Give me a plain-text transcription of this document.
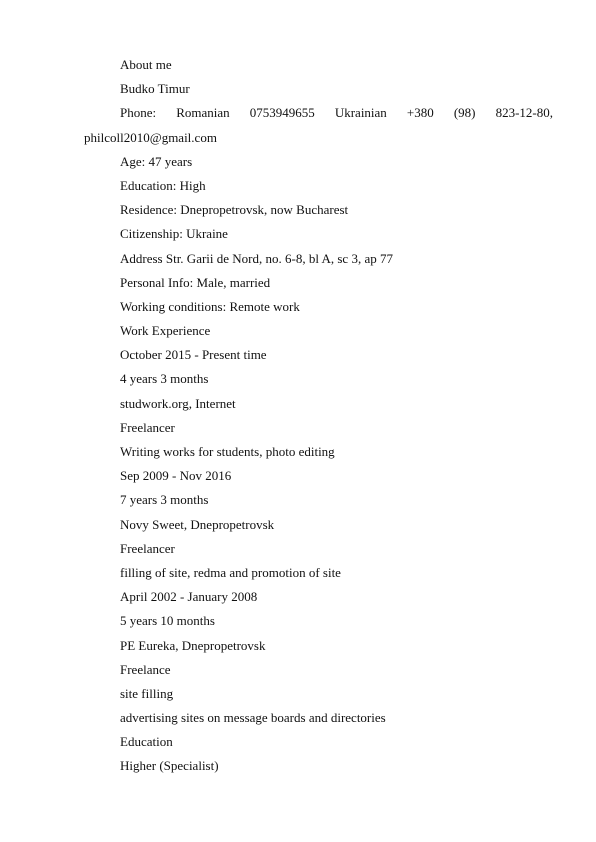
About me
Budko Timur
Phone: Romanian 0753949655 Ukrainian +380 (98) 823-12-80,
philcoll2010@gmail.com
Age: 47 years
Education: High
Residence: Dnepropetrovsk, now Bucharest
Citizenship: Ukraine
Address Str. Garii de Nord, no. 6-8, bl A, sc 3, ap 77
Personal Info: Male, married
Working conditions: Remote work
Work Experience
October 2015 - Present time
4 years 3 months
studwork.org, Internet
Freelancer
Writing works for students, photo editing
Sep 2009 - Nov 2016
7 years 3 months
Novy Sweet, Dnepropetrovsk
Freelancer
filling of site, redma and promotion of site
April 2002 - January 2008
5 years 10 months
PE Eureka, Dnepropetrovsk
Freelance
site filling
advertising sites on message boards and directories
Education
Higher (Specialist)
